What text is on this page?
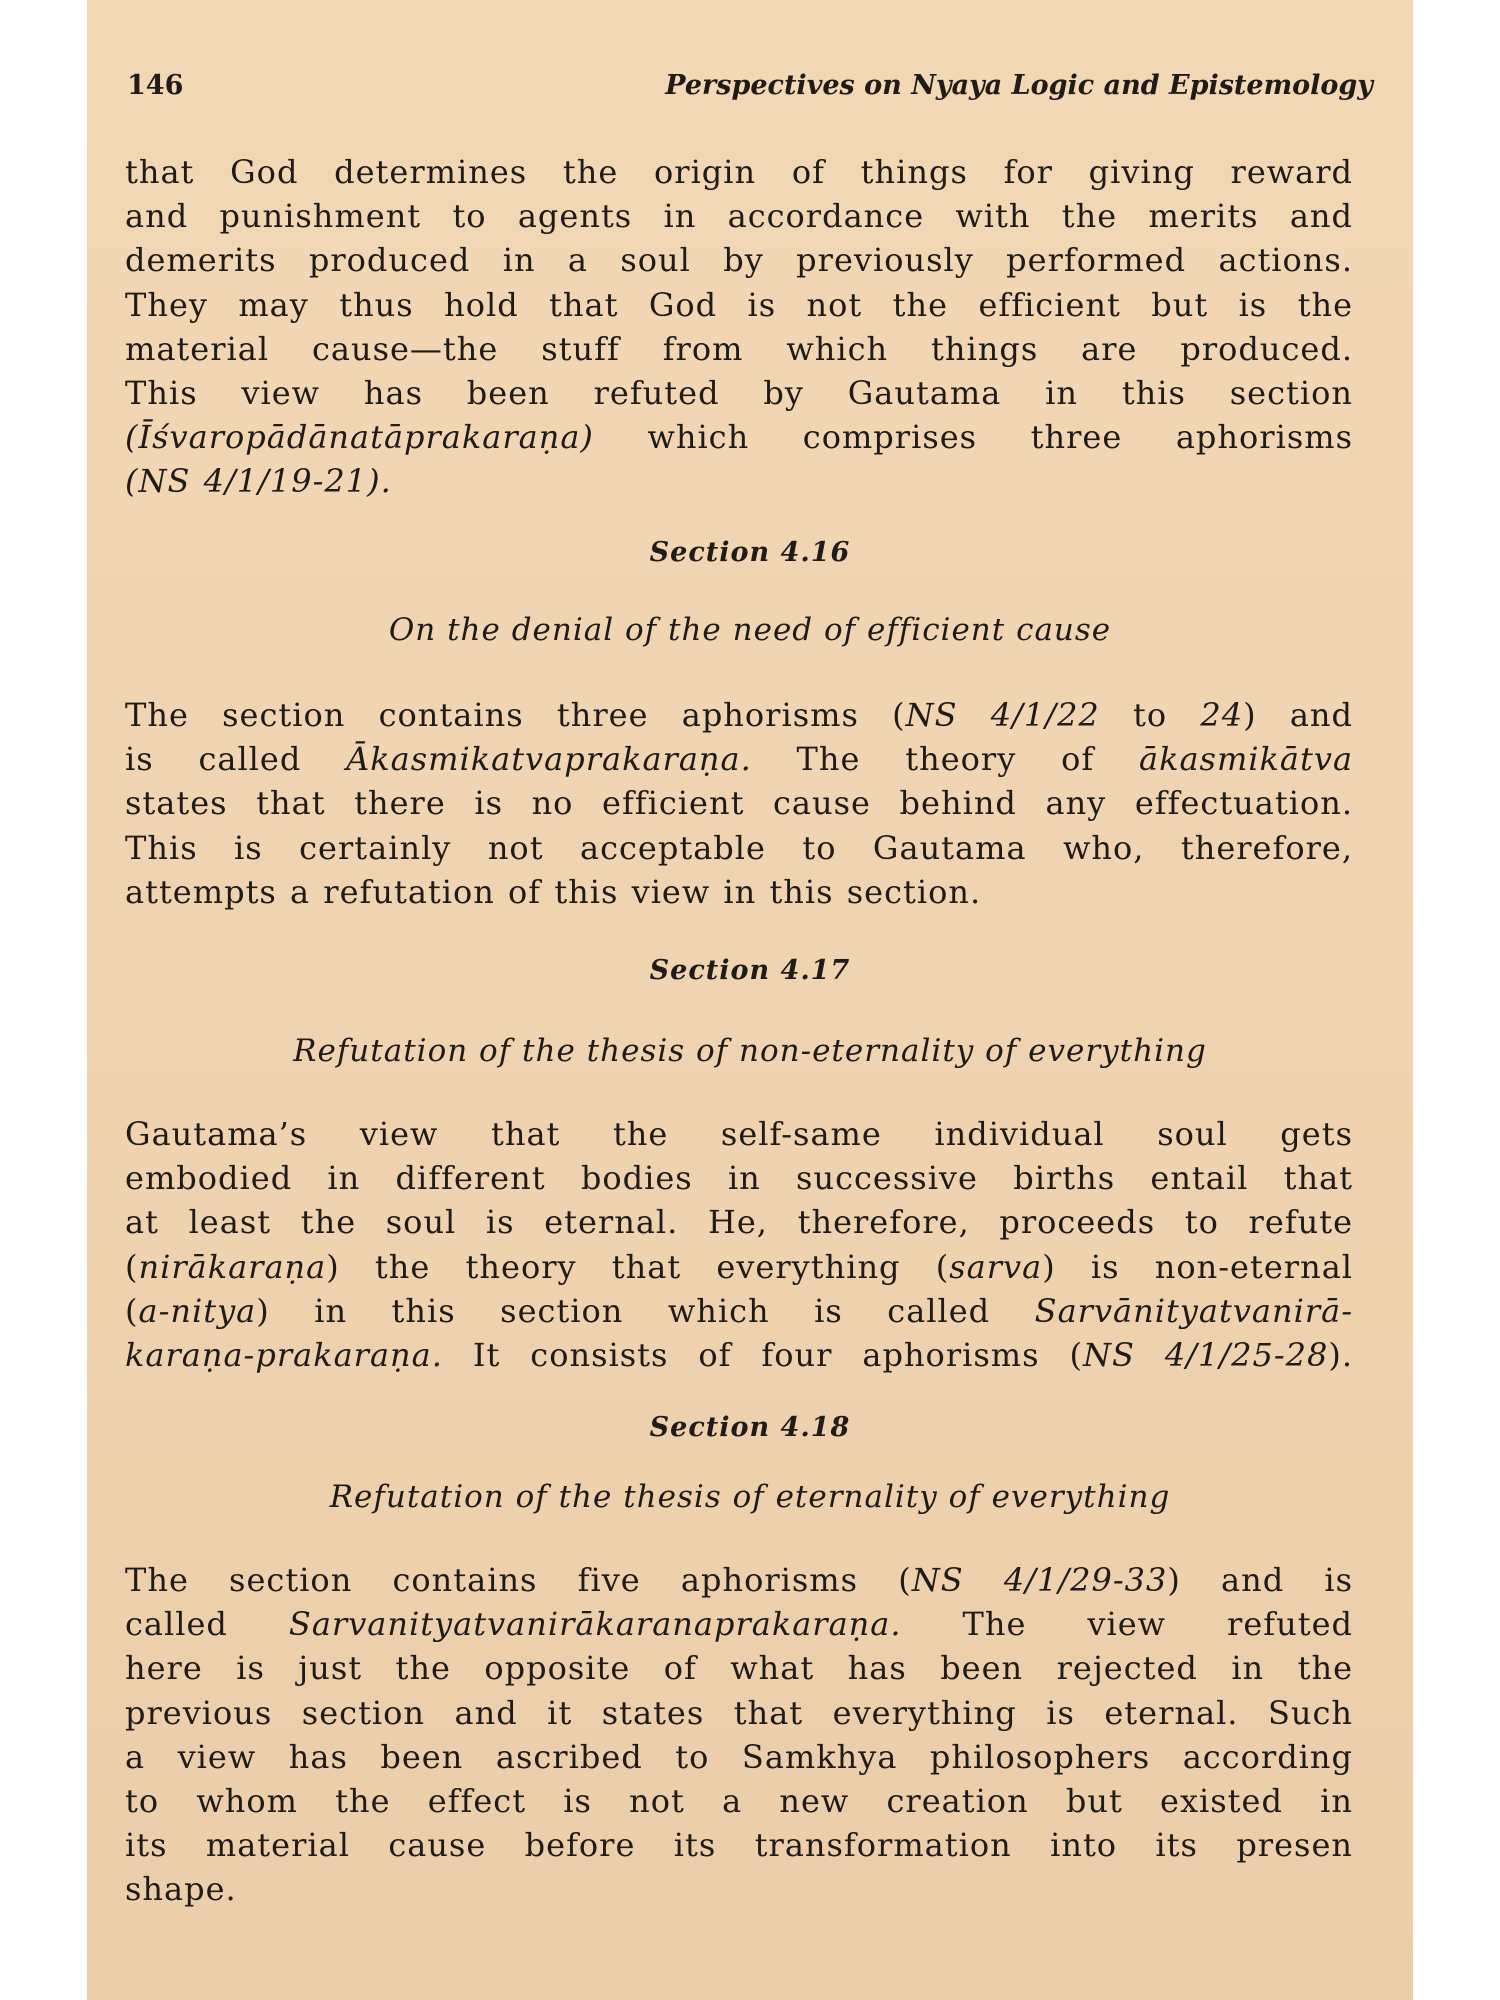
146	Perspectives on Nyaya Logic and Epistemology

that God determines the origin of things for giving reward
and punishment to agents in accordance with the merits and
demerits produced in a soul by previously performed actions.
They may thus hold that God is not the efficient but is the
material cause—the stuff from which things are produced.
This view has been refuted by Gautama in this section
(Īśvaropādānatāprakaraṇa) which comprises three aphorisms
(NS 4/1/19-21).

Section 4.16
On the denial of the need of efficient cause

The section contains three aphorisms (NS 4/1/22 to 24) and
is called Ākasmikatvaprakaraṇa. The theory of ākasmikātva
states that there is no efficient cause behind any effectuation.
This is certainly not acceptable to Gautama who, therefore,
attempts a refutation of this view in this section.

Section 4.17
Refutation of the thesis of non-eternality of everything

Gautama’s view that the self-same individual soul gets
embodied in different bodies in successive births entail that
at least the soul is eternal. He, therefore, proceeds to refute
(nirākaraṇa) the theory that everything (sarva) is non-eternal
(a-nitya) in this section which is called Sarvānityatvanirā-
karaṇa-prakaraṇa. It consists of four aphorisms (NS 4/1/25-28).

Section 4.18
Refutation of the thesis of eternality of everything

The section contains five aphorisms (NS 4/1/29-33) and is
called Sarvanityatvanirākaranaprakaraṇa. The view refuted
here is just the opposite of what has been rejected in the
previous section and it states that everything is eternal. Such
a view has been ascribed to Samkhya philosophers according
to whom the effect is not a new creation but existed in
its material cause before its transformation into its presen
shape.
